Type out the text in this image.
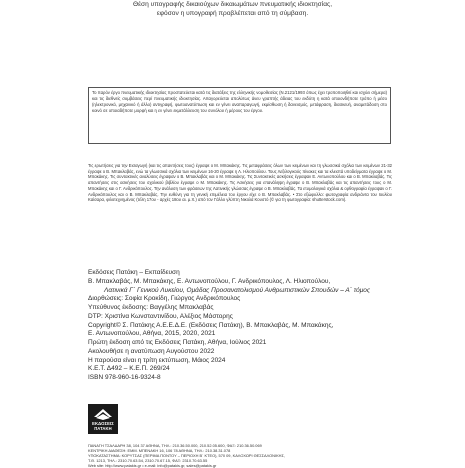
Θέση υπογραφής δικαιούχων δικαιωμάτων πνευματικής ιδιοκτησίας,
εφόσον η υπογραφή προβλέπεται από τη σύμβαση.
Το παρόν έργο πνευματικής ιδιοκτησίας προστατεύεται κατά τις διατάξεις της ελληνικής νομοθεσίας (Ν.2121/1993 όπως έχει τροποποιηθεί και ισχύει σήμερα) και τις διεθνείς συμβάσεις περί πνευματικής ιδιοκτησίας. Απαγορεύεται απολύτως άνευ γραπτής άδειας του εκδότη η κατά οποιονδήποτε τρόπο ή μέσο (ηλεκτρονικό, μηχανικό ή άλλο) αντιγραφή, φωτοανατύπωση και εν γένει αναπαραγωγή, εκμίσθωση ή δανεισμός, μετάφραση, διασκευή, αναμετάδοση στο κοινό σε οποιαδήποτε μορφή και η εν γένει εκμετάλλευση του συνόλου ή μέρους του έργου.
Τις ερωτήσεις για την Εισαγωγή (και τις απαντήσεις τους) έγραψε ο Μ. Μπακάκης. Τις μεταφράσεις όλων των κειμένων και τη γλωσσικά σχόλια των κειμένων 21-32 έγραψε ο Β. Μπακλαβάς, ενώ τα γλωσσικά σχόλια των κειμένων 16-20 έγραψε η Λ. Ηλιοπούλου. Τους Λεξιλογικούς πίνακες και τα κλειστά υποδείγματα έγραψε ο Μ. Μπακάκης. Τις συντακτικές αναλύσεις έγραψαν ο Β. Μπακλαβάς και ο Μ. Μπακάκης. Τις Συντακτικές ασκήσεις έγραψαν Ε. Αντωνοπούλου και ο Β. Μπακλαβάς. Τις απαντήσεις στις ασκήσεις του σχολικού βιβλίου έγραψε ο Μ. Μπακάκης. Τις Ασκήσεις για επανάληψη έγραψε ο Β. Μπακλαβάς και τις απαντήσεις τους ο Μ. Μπακάκης και ο Γ. Ανδρικόπουλος. Την ανάλυση των φράσεων της Λατινικής γλώσσας έγραψε ο Β. Μπακλαβάς. Τα ετυμολογικά σχόλια & ορθογραφία έγραψαν ο Γ. Ανδρικόπουλος και ο Β. Μπακλαβάς. Την ευθύνη για τη γενική επιμέλεια του έργου είχε ο Β. Μπακλαβάς. • Στο εξώφυλλο: φωτογραφία ανδριάντα του Ιουλίου Καίσαρα, φιλοτεχνημένος (τέλη 17ου - αρχές 18ου αι. μ.Χ.) από τον Γάλλο γλύπτη Νικολά Κουστό (© για τη φωτογραφία: shutterstock.com).
Εκδόσεις Πατάκη – Εκπαίδευση
Β. Μπακλαβάς, Μ. Μπακάκης, Ε. Αντωνοπούλου, Γ. Ανδρικόπουλος, Λ. Ηλιοπούλου,
Λατινικά Γ΄ Γενικού Λυκείου, Ομάδας Προσανατολισμού Ανθρωπιστικών Σπουδών – Α΄ τόμος
Διορθώσεις: Σοφία Κροκίδη, Γιώργος Ανδρικόπουλος
Υπεύθυνος έκδοσης: Βαγγέλης Μπακλαβάς
DTP: Χριστίνα Κωνσταντινίδου, Αλέξιος Μάστορης
Copyright© Σ. Πατάκης Α.Ε.Ε.Δ.Ε. (Εκδόσεις Πατάκη), Β. Μπακλαβάς, Μ. Μπακάκης,
Ε. Αντωνοπούλου, Αθήνα, 2015, 2020, 2021
Πρώτη έκδοση από τις Εκδόσεις Πατάκη, Αθήνα, Ιούλιος 2021
Ακολουθήσε η ανατύπωση Αυγούστου 2022
Η παρούσα είναι η τρίτη εκτύπωση, Μάιος 2024
Κ.Ε.Τ. Δ492 – Κ.Ε.Π. 269/24
ISBN 978-960-16-9324-8
ΕΚΔΟΣΕΙΣ
ΠΑΤΑΚΗ
ΠΑΝΑΓΗ ΤΣΑΛΔΑΡΗ 38, 104 37 ΑΘΗΝΑ, ΤΗΛ.: 210.36.50.000, 210.52.05.600, ΦΑΞ: 210.36.50.069
ΚΕΝΤΡΙΚΗ ΔΙΑΘΕΣΗ: ΕΜΜ. ΜΠΕΝΑΚΗ 16, 106 78 ΑΘΗΝΑ, ΤΗΛ.: 210.38.31.078
ΥΠΟΚΑΤΑΣΤΗΜΑ: ΚΟΡΥΤΣΑΣ (ΠΕΡΙΜΑ ΠΟΝΤΟΥ – ΠΕΡΙΟΧΗ Β΄ ΚΤΕΟ), 570 09, ΚΑΛΟΧΩΡΙ ΘΕΣΣΑΛΟΝΙΚΗΣ,
Τ.Θ. 1213, ΤΗΛ.: 2310.70.63.54, 2310.70.67.15, ΦΑΞ: 2310.70.63.55
Web site: http://www.patakis.gr • e-mail: info@patakis.gr, sales@patakis.gr
